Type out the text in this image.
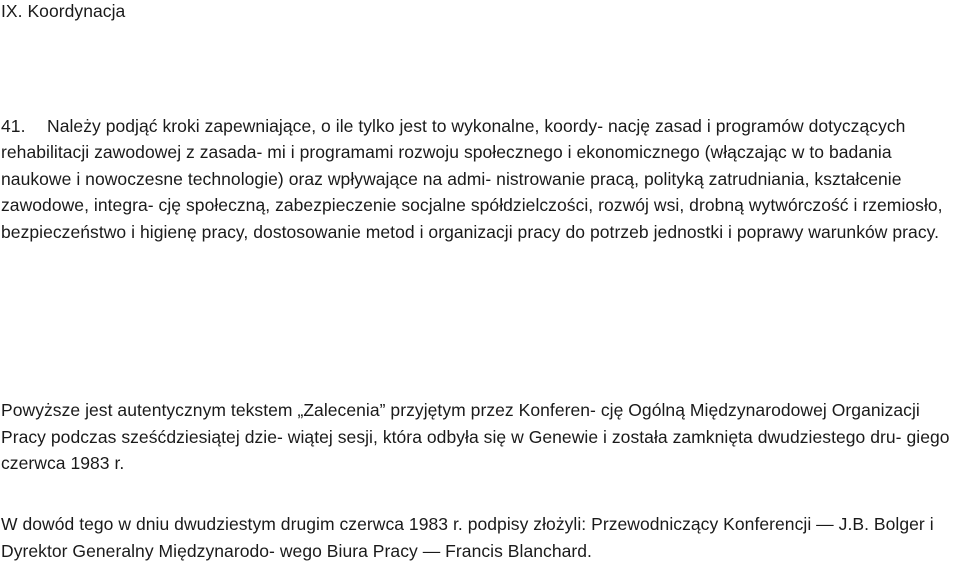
IX. Koordynacja
41. Należy podjąć kroki zapewniające, o ile tylko jest to wykonalne, koordy- nację zasad i programów dotyczących rehabilitacji zawodowej z zasada- mi i programami rozwoju społecznego i ekonomicznego (włączając w to badania naukowe i nowoczesne technologie) oraz wpływające na admi- nistrowanie pracą, polityką zatrudniania, kształcenie zawodowe, integra- cję społeczną, zabezpieczenie socjalne spółdzielczości, rozwój wsi, drobną wytwórczość i rzemiosło, bezpieczeństwo i higienę pracy, dostosowanie metod i organizacji pracy do potrzeb jednostki i poprawy warunków pracy.
Powyższe jest autentycznym tekstem „Zalecenia” przyjętym przez Konferen- cję Ogólną Międzynarodowej Organizacji Pracy podczas sześćdziesiątej dzie- wiątej sesji, która odbyła się w Genewie i została zamknięta dwudziestego dru- giego czerwca 1983 r.
W dowód tego w dniu dwudziestym drugim czerwca 1983 r. podpisy złożyli: Przewodniczący Konferencji — J.B. Bolger i Dyrektor Generalny Międzynarodo- wego Biura Pracy — Francis Blanchard.
